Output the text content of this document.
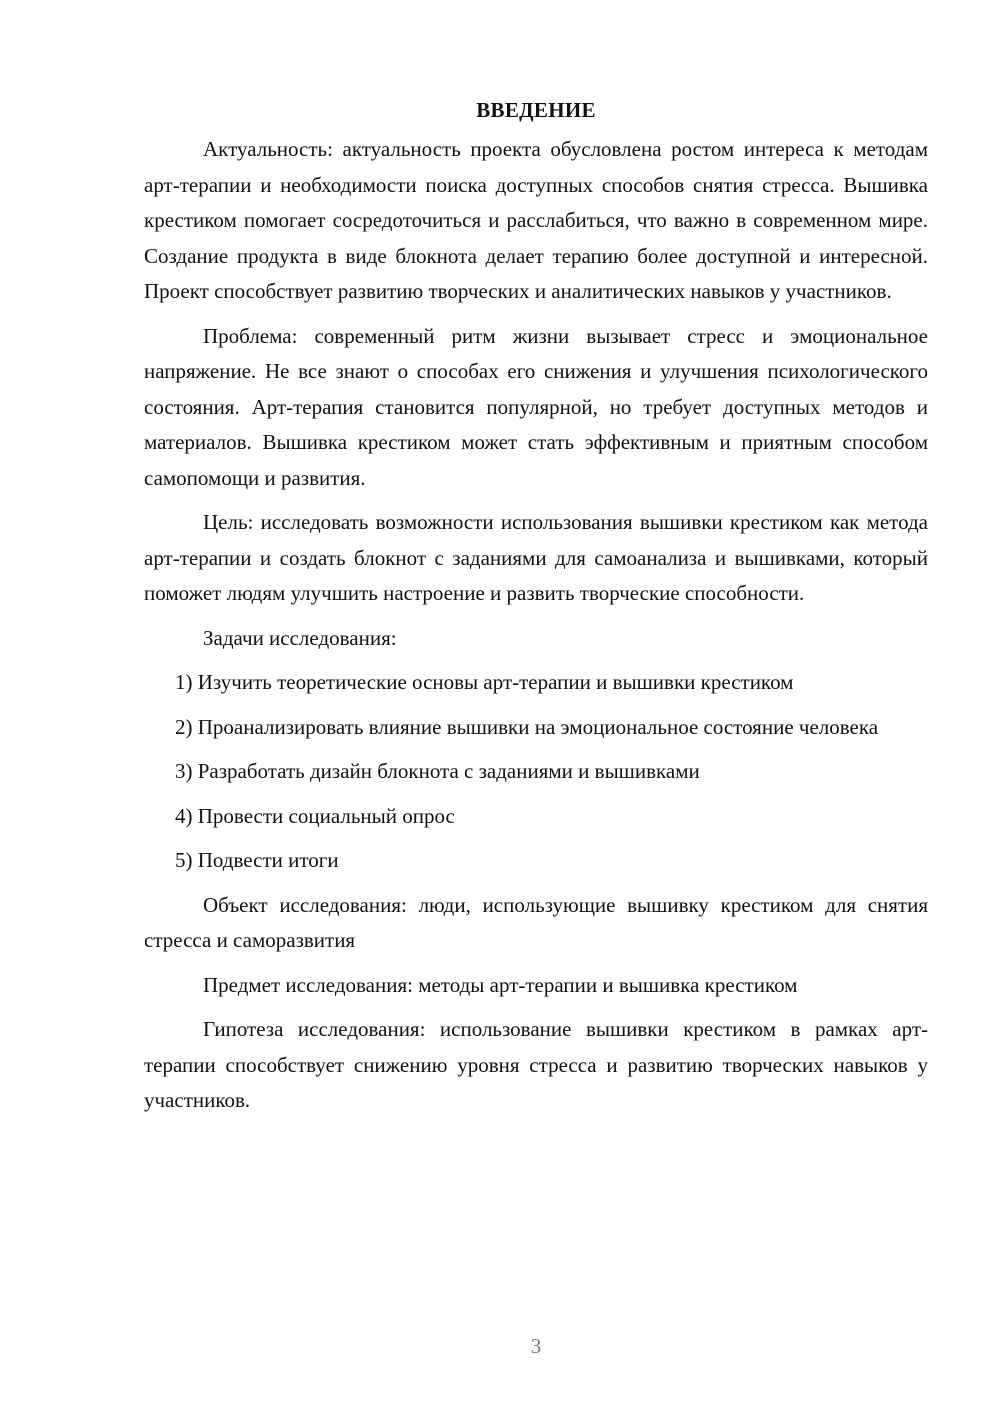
ВВЕДЕНИЕ

Актуальность: актуальность проекта обусловлена ростом интереса к методам арт-терапии и необходимости поиска доступных способов снятия стресса. Вышивка крестиком помогает сосредоточиться и расслабиться, что важно в современном мире. Создание продукта в виде блокнота делает терапию более доступной и интересной. Проект способствует развитию творческих и аналитических навыков у участников.

Проблема: современный ритм жизни вызывает стресс и эмоциональное напряжение. Не все знают о способах его снижения и улучшения психологического состояния. Арт-терапия становится популярной, но требует доступных методов и материалов. Вышивка крестиком может стать эффективным и приятным способом самопомощи и развития.

Цель: исследовать возможности использования вышивки крестиком как метода арт-терапии и создать блокнот с заданиями для самоанализа и вышивками, который поможет людям улучшить настроение и развить творческие способности.

Задачи исследования:

1) Изучить теоретические основы арт-терапии и вышивки крестиком

2) Проанализировать влияние вышивки на эмоциональное состояние человека

3) Разработать дизайн блокнота с заданиями и вышивками

4) Провести социальный опрос

5) Подвести итоги

Объект исследования: люди, использующие вышивку крестиком для снятия стресса и саморазвития

Предмет исследования: методы арт-терапии и вышивка крестиком

Гипотеза исследования: использование вышивки крестиком в рамках арт-терапии способствует снижению уровня стресса и развитию творческих навыков у участников.

3
